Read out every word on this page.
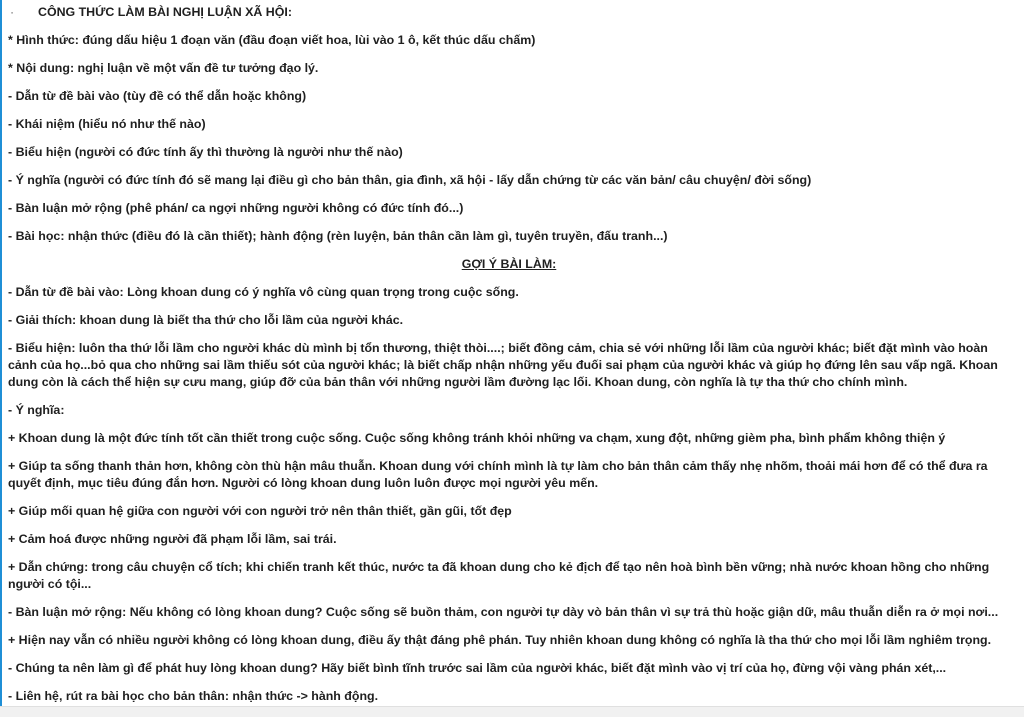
·	CÔNG THỨC LÀM BÀI NGHỊ LUẬN XÃ HỘI:

* Hình thức: đúng dấu hiệu 1 đoạn văn (đầu đoạn viết hoa, lùi vào 1 ô, kết thúc dấu chấm)

* Nội dung: nghị luận về một vấn đề tư tưởng đạo lý.

- Dẫn từ đề bài vào (tùy đề có thể dẫn hoặc không)

- Khái niệm (hiểu nó như thế nào)

- Biểu hiện (người có đức tính ấy thì thường là người như thế nào)

- Ý nghĩa (người có đức tính đó sẽ mang lại điều gì cho bản thân, gia đình, xã hội - lấy dẫn chứng từ các văn bản/ câu chuyện/ đời sống)

- Bàn luận mở rộng (phê phán/ ca ngợi những người không có đức tính đó...)

- Bài học: nhận thức (điều đó là cần thiết); hành động (rèn luyện, bản thân cần làm gì, tuyên truyền, đấu tranh...)

GỢI Ý BÀI LÀM:

- Dẫn từ đề bài vào: Lòng khoan dung có ý nghĩa vô cùng quan trọng trong cuộc sống.

- Giải thích: khoan dung là biết tha thứ cho lỗi lầm của người khác.

- Biểu hiện: luôn tha thứ lỗi lầm cho người khác dù mình bị tổn thương, thiệt thòi....; biết đồng cảm, chia sẻ với những lỗi lầm của người khác; biết đặt mình vào hoàn cảnh của họ...bỏ qua cho những sai lầm thiếu sót của người khác; là biết chấp nhận những yếu đuối sai phạm của người khác và giúp họ đứng lên sau vấp ngã. Khoan dung còn là cách thể hiện sự cưu mang, giúp đỡ của bản thân với những người lầm đường lạc lối. Khoan dung, còn nghĩa là tự tha thứ cho chính mình.

- Ý nghĩa:

+ Khoan dung là một đức tính tốt cần thiết trong cuộc sống. Cuộc sống không tránh khỏi những va chạm, xung đột, những gièm pha, bình phẩm không thiện ý

+ Giúp ta sống thanh thản hơn, không còn thù hận mâu thuẫn. Khoan dung với chính mình là tự làm cho bản thân cảm thấy nhẹ nhõm, thoải mái hơn để có thể đưa ra quyết định, mục tiêu đúng đắn hơn. Người có lòng khoan dung luôn luôn được mọi người yêu mến.

+ Giúp mối quan hệ giữa con người với con người trở nên thân thiết, gần gũi, tốt đẹp

+ Cảm hoá được những người đã phạm lỗi lầm, sai trái.

+ Dẫn chứng: trong câu chuyện cổ tích; khi chiến tranh kết thúc, nước ta đã khoan dung cho kẻ địch để tạo nên hoà bình bền vững; nhà nước khoan hồng cho những người có tội...

- Bàn luận mở rộng: Nếu không có lòng khoan dung? Cuộc sống sẽ buồn thảm, con người tự dày vò bản thân vì sự trả thù hoặc giận dữ, mâu thuẫn diễn ra ở mọi nơi...

+ Hiện nay vẫn có nhiều người không có lòng khoan dung, điều ấy thật đáng phê phán. Tuy nhiên khoan dung không có nghĩa là tha thứ cho mọi lỗi lầm nghiêm trọng.

- Chúng ta nên làm gì để phát huy lòng khoan dung? Hãy biết bình tĩnh trước sai lầm của người khác, biết đặt mình vào vị trí của họ, đừng vội vàng phán xét,...

- Liên hệ, rút ra bài học cho bản thân: nhận thức -> hành động.
